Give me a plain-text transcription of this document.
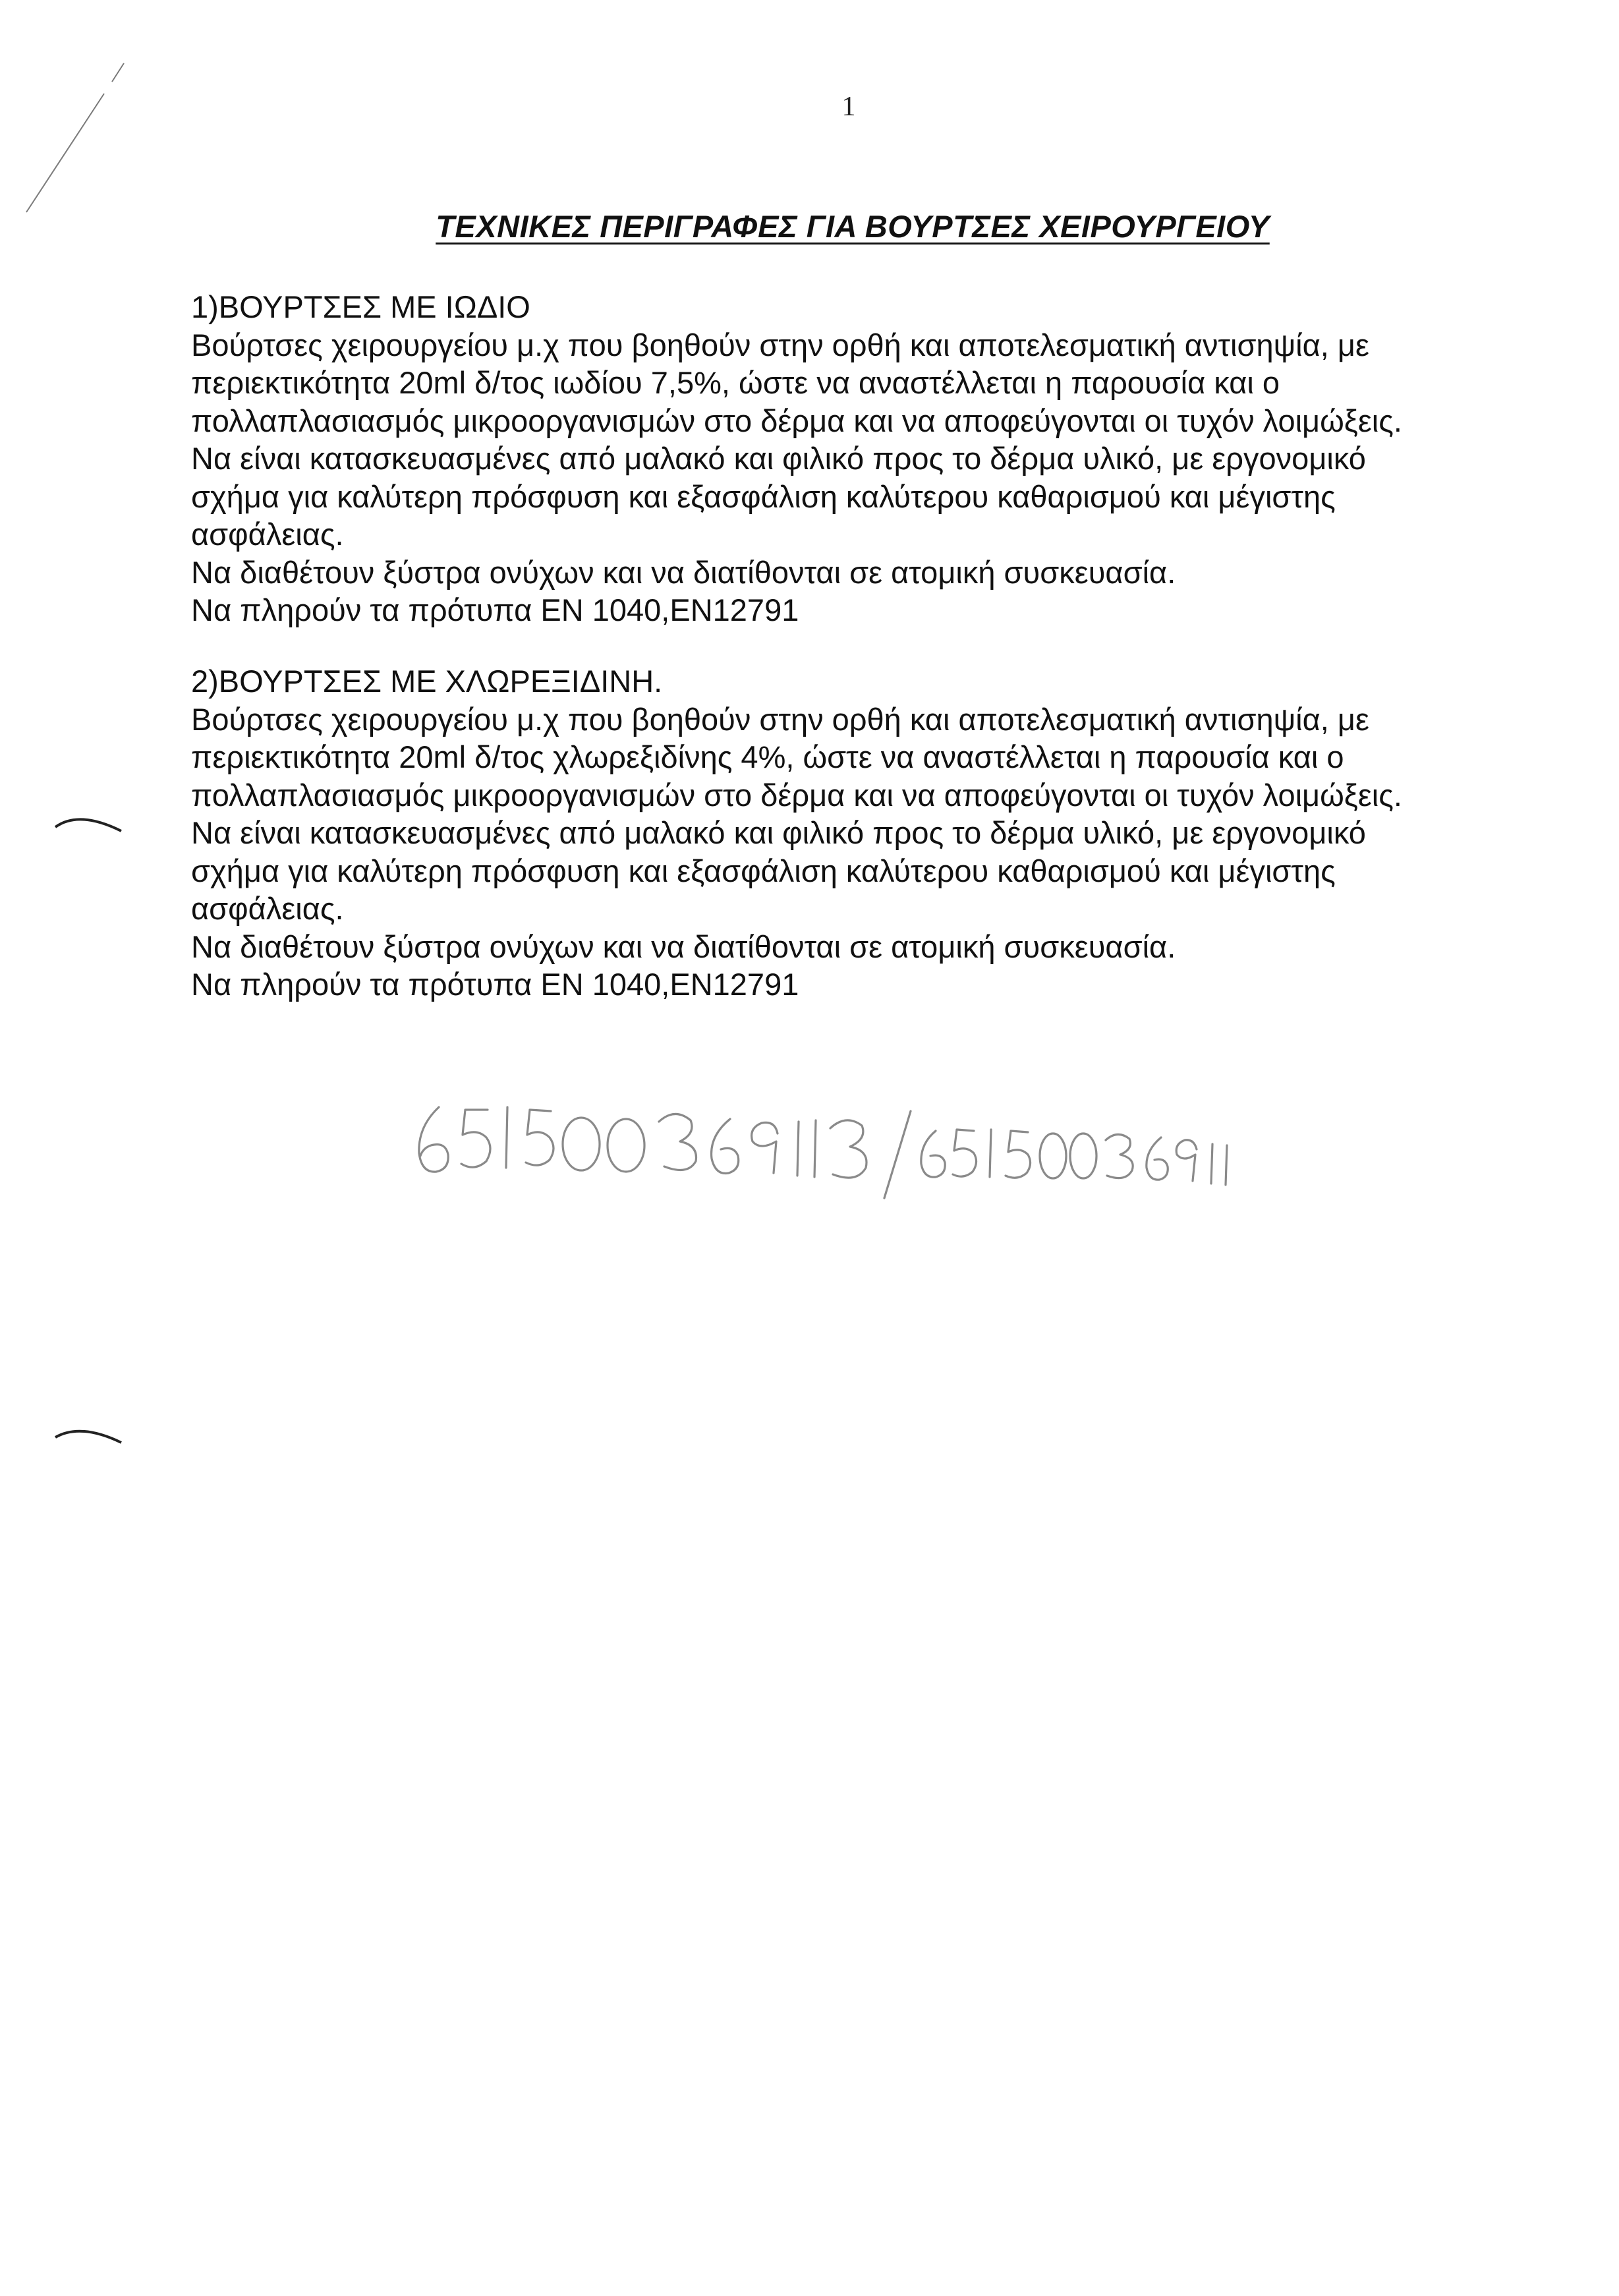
1
ΤΕΧΝΙΚΕΣ ΠΕΡΙΓΡΑΦΕΣ ΓΙΑ ΒΟΥΡΤΣΕΣ ΧΕΙΡΟΥΡΓΕΙΟΥ
1)ΒΟΥΡΤΣΕΣ ΜΕ ΙΩΔΙΟ
Βούρτσες χειρουργείου μ.χ που βοηθούν στην ορθή και αποτελεσματική αντισηψία, με
περιεκτικότητα 20ml δ/τος ιωδίου 7,5%, ώστε να αναστέλλεται η παρουσία και ο
πολλαπλασιασμός μικροοργανισμών στο δέρμα και να αποφεύγονται οι τυχόν λοιμώξεις.
Να είναι κατασκευασμένες από μαλακό και φιλικό προς το δέρμα υλικό, με εργονομικό
σχήμα για καλύτερη πρόσφυση και εξασφάλιση καλύτερου καθαρισμού και μέγιστης
ασφάλειας.
Να διαθέτουν ξύστρα ονύχων και να διατίθονται σε ατομική συσκευασία.
Να πληρούν τα πρότυπα EN 1040,EN12791
2)ΒΟΥΡΤΣΕΣ ΜΕ ΧΛΩΡΕΞΙΔΙΝΗ.
Βούρτσες χειρουργείου μ.χ που βοηθούν στην ορθή και αποτελεσματική αντισηψία, με
περιεκτικότητα 20ml δ/τος χλωρεξιδίνης 4%, ώστε να αναστέλλεται η παρουσία και ο
πολλαπλασιασμός μικροοργανισμών στο δέρμα και να αποφεύγονται οι τυχόν λοιμώξεις.
Να είναι κατασκευασμένες από μαλακό και φιλικό προς το δέρμα υλικό, με εργονομικό
σχήμα για καλύτερη πρόσφυση και εξασφάλιση καλύτερου καθαρισμού και μέγιστης
ασφάλειας.
Να διαθέτουν ξύστρα ονύχων και να διατίθονται σε ατομική συσκευασία.
Να πληρούν τα πρότυπα EN 1040,EN12791
